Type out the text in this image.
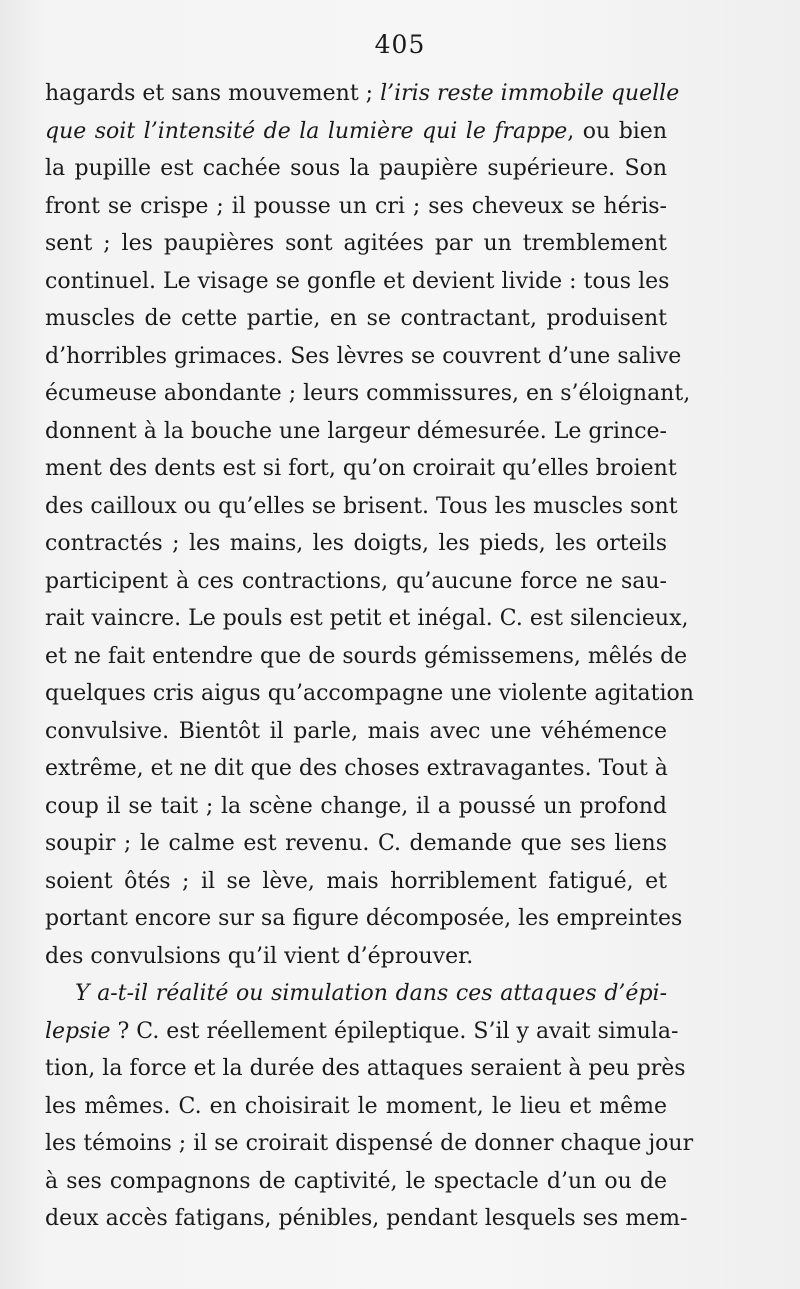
405
hagards et sans mouvement ; l’iris reste immobile quelle
que soit l’intensité de la lumière qui le frappe, ou bien
la pupille est cachée sous la paupière supérieure. Son
front se crispe ; il pousse un cri ; ses cheveux se héris-
sent ; les paupières sont agitées par un tremblement
continuel. Le visage se gonfle et devient livide : tous les
muscles de cette partie, en se contractant, produisent
d’horribles grimaces. Ses lèvres se couvrent d’une salive
écumeuse abondante ; leurs commissures, en s’éloignant,
donnent à la bouche une largeur démesurée. Le grince-
ment des dents est si fort, qu’on croirait qu’elles broient
des cailloux ou qu’elles se brisent. Tous les muscles sont
contractés ; les mains, les doigts, les pieds, les orteils
participent à ces contractions, qu’aucune force ne sau-
rait vaincre. Le pouls est petit et inégal. C. est silencieux,
et ne fait entendre que de sourds gémissemens, mêlés de
quelques cris aigus qu’accompagne une violente agitation
convulsive. Bientôt il parle, mais avec une véhémence
extrême, et ne dit que des choses extravagantes. Tout à
coup il se tait ; la scène change, il a poussé un profond
soupir ; le calme est revenu. C. demande que ses liens
soient ôtés ; il se lève, mais horriblement fatigué, et
portant encore sur sa figure décomposée, les empreintes
des convulsions qu’il vient d’éprouver.
Y a-t-il réalité ou simulation dans ces attaques d’épi-
lepsie ? C. est réellement épileptique. S’il y avait simula-
tion, la force et la durée des attaques seraient à peu près
les mêmes. C. en choisirait le moment, le lieu et même
les témoins ; il se croirait dispensé de donner chaque jour
à ses compagnons de captivité, le spectacle d’un ou de
deux accès fatigans, pénibles, pendant lesquels ses mem-
